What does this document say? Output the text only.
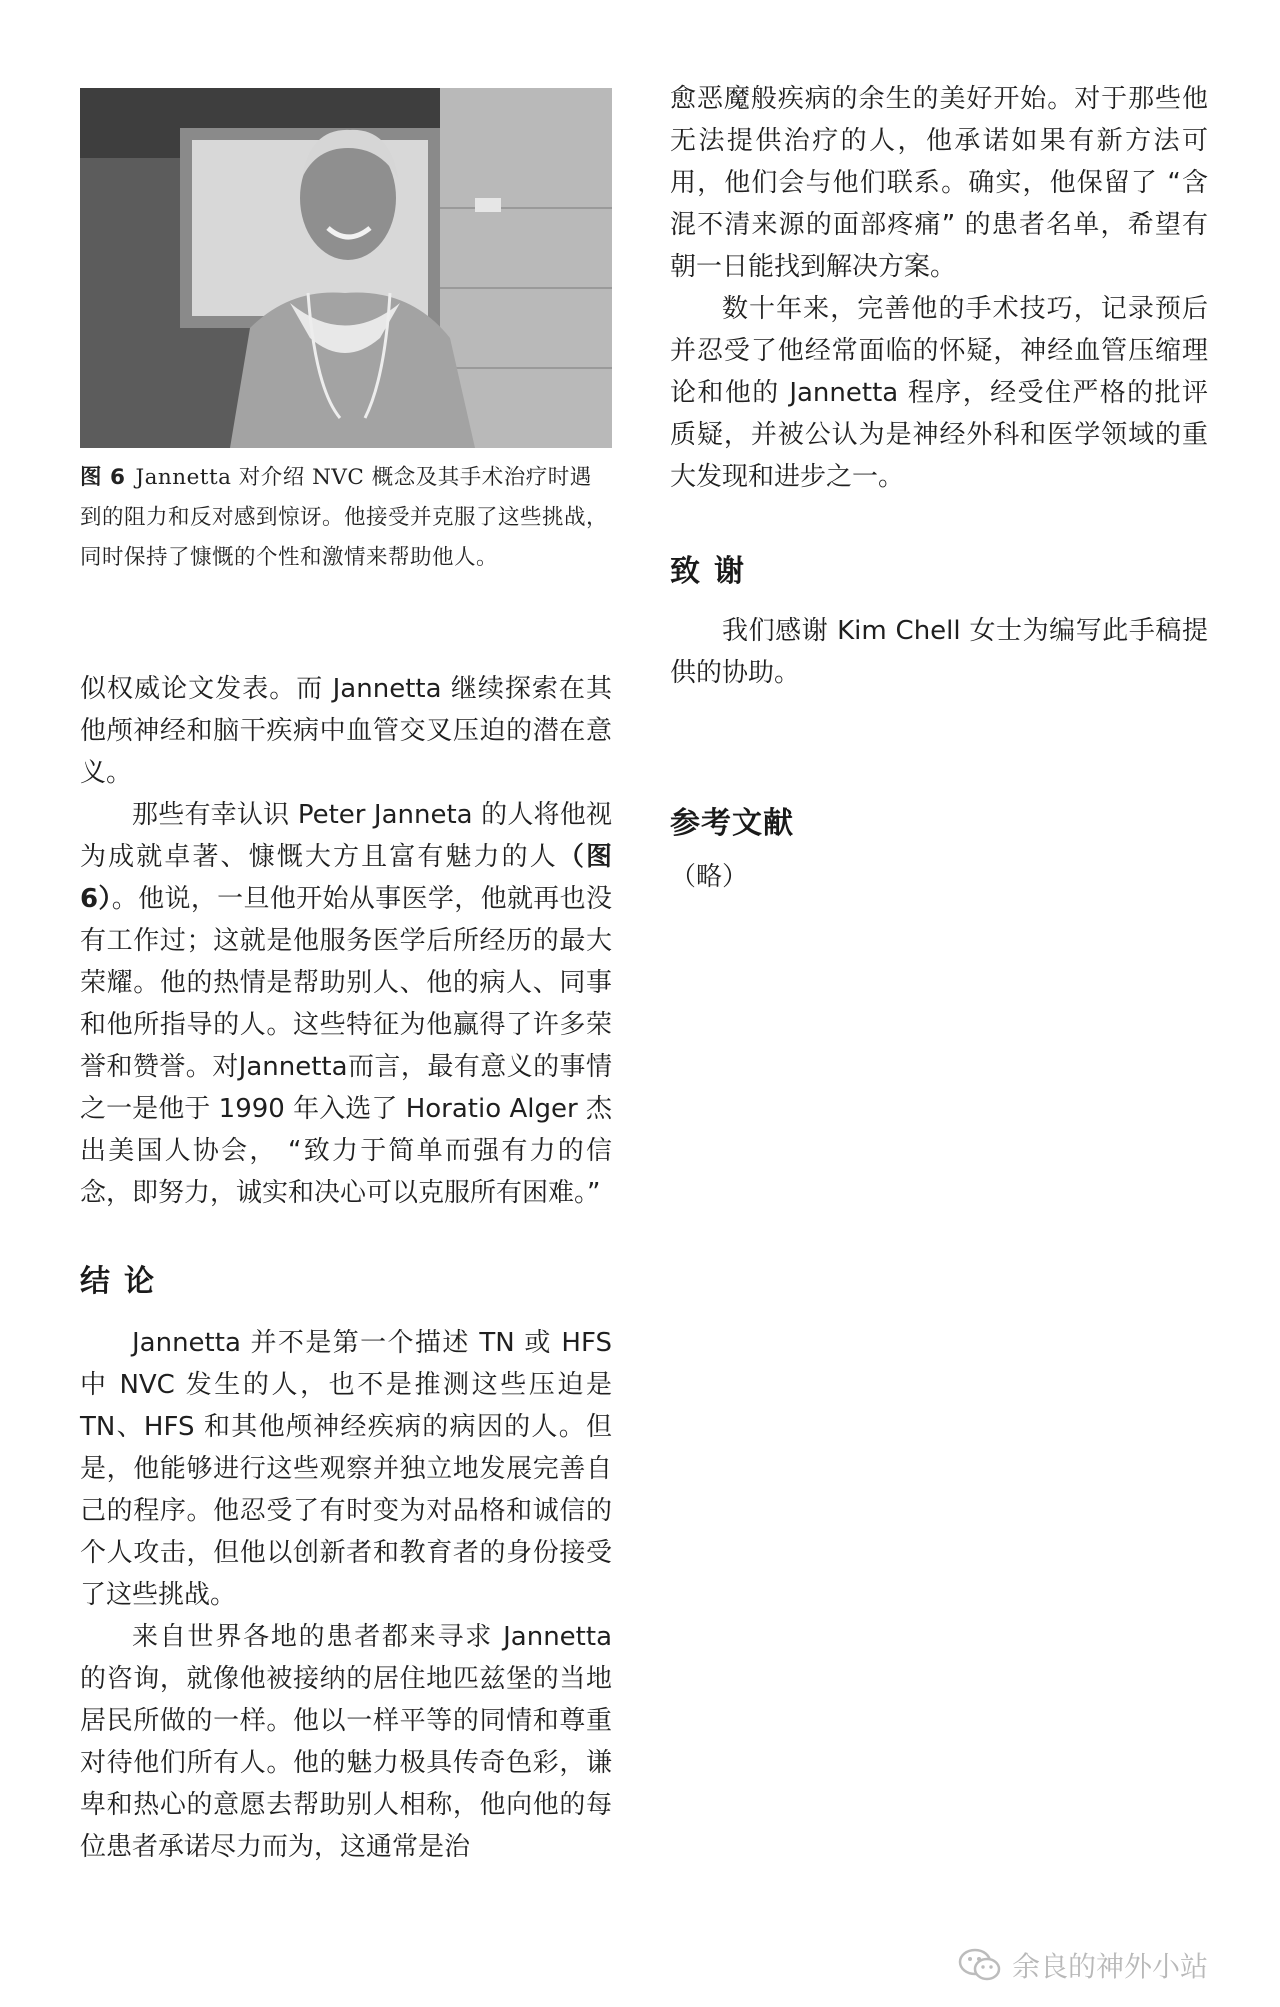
图 6 Jannetta 对介绍 NVC 概念及其手术治疗时遇到的阻力和反对感到惊讶。他接受并克服了这些挑战，同时保持了慷慨的个性和激情来帮助他人。

似权威论文发表。而 Jannetta 继续探索在其他颅神经和脑干疾病中血管交叉压迫的潜在意义。

那些有幸认识 Peter Janneta 的人将他视为成就卓著、慷慨大方且富有魅力的人（图 6）。他说，一旦他开始从事医学，他就再也没有工作过；这就是他服务医学后所经历的最大荣耀。他的热情是帮助别人、他的病人、同事和他所指导的人。这些特征为他赢得了许多荣誉和赞誉。对Jannetta而言，最有意义的事情之一是他于 1990 年入选了 Horatio Alger 杰出美国人协会， “致力于简单而强有力的信念，即努力，诚实和决心可以克服所有困难。”

结论

Jannetta 并不是第一个描述 TN 或 HFS 中 NVC 发生的人，也不是推测这些压迫是 TN、HFS 和其他颅神经疾病的病因的人。但是，他能够进行这些观察并独立地发展完善自己的程序。他忍受了有时变为对品格和诚信的个人攻击，但他以创新者和教育者的身份接受了这些挑战。

来自世界各地的患者都来寻求 Jannetta 的咨询，就像他被接纳的居住地匹兹堡的当地居民所做的一样。他以一样平等的同情和尊重对待他们所有人。他的魅力极具传奇色彩，谦卑和热心的意愿去帮助别人相称，他向他的每位患者承诺尽力而为，这通常是治

愈恶魔般疾病的余生的美好开始。对于那些他无法提供治疗的人，他承诺如果有新方法可用，他们会与他们联系。确实，他保留了 “含混不清来源的面部疼痛” 的患者名单，希望有朝一日能找到解决方案。

数十年来，完善他的手术技巧，记录预后并忍受了他经常面临的怀疑，神经血管压缩理论和他的 Jannetta 程序，经受住严格的批评质疑，并被公认为是神经外科和医学领域的重大发现和进步之一。

致谢

我们感谢 Kim Chell 女士为编写此手稿提供的协助。

参考文献

（略）

余良的神外小站
